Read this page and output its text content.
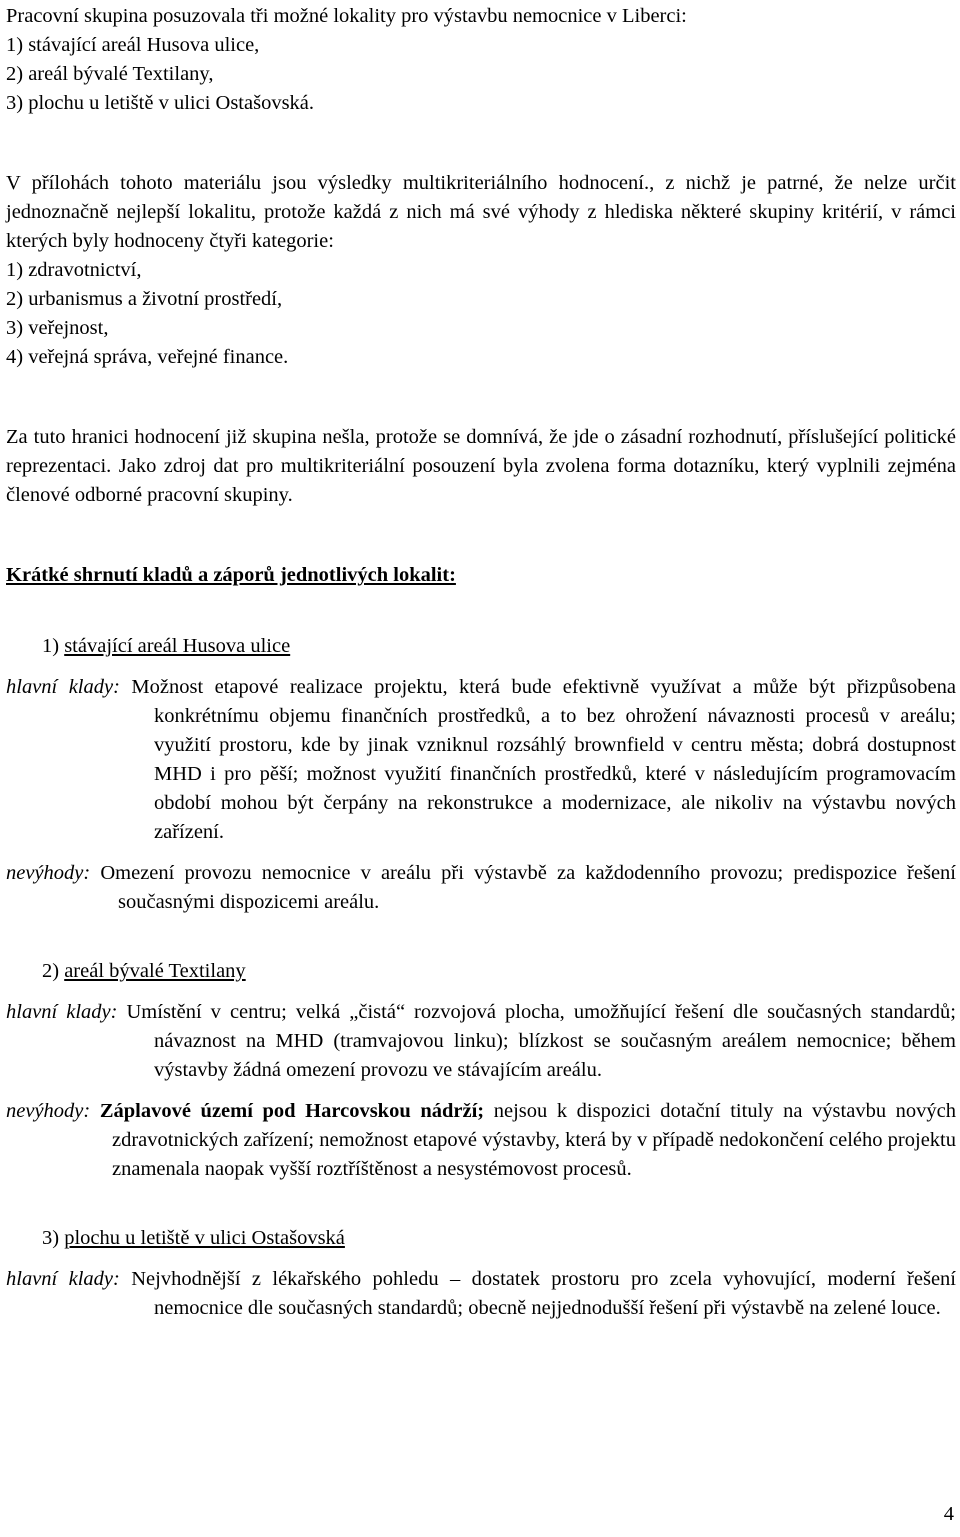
Pracovní skupina posuzovala tři možné lokality pro výstavbu nemocnice v Liberci:

1) stávající areál Husova ulice,

2) areál bývalé Textilany,

3) plochu u letiště v ulici Ostašovská.

V přílohách tohoto materiálu jsou výsledky multikriteriálního hodnocení., z nichž je patrné, že nelze určit jednoznačně nejlepší lokalitu, protože každá z nich má své výhody z hlediska některé skupiny kritérií, v rámci kterých byly hodnoceny čtyři kategorie:

1) zdravotnictví,

2) urbanismus a životní prostředí,

3) veřejnost,

4) veřejná správa, veřejné finance.

Za tuto hranici hodnocení již skupina nešla, protože se domnívá, že jde o zásadní rozhodnutí, příslušející politické reprezentaci. Jako zdroj dat pro multikriteriální posouzení byla zvolena forma dotazníku, který vyplnili zejména členové odborné pracovní skupiny.

Krátké shrnutí kladů a záporů jednotlivých lokalit:

1) stávající areál Husova ulice

hlavní klady: Možnost etapové realizace projektu, která bude efektivně využívat a může být přizpůsobena konkrétnímu objemu finančních prostředků, a to bez ohrožení návaznosti procesů v areálu; využití prostoru, kde by jinak vzniknul rozsáhlý brownfield v centru města; dobrá dostupnost MHD i pro pěší; možnost využití finančních prostředků, které v následujícím programovacím období mohou být čerpány na rekonstrukce a modernizace, ale nikoliv na výstavbu nových zařízení.

nevýhody: Omezení provozu nemocnice v areálu při výstavbě za každodenního provozu; predispozice řešení současnými dispozicemi areálu.

2) areál bývalé Textilany

hlavní klady: Umístění v centru; velká „čistá“ rozvojová plocha, umožňující řešení dle současných standardů; návaznost na MHD (tramvajovou linku); blízkost se současným areálem nemocnice; během výstavby žádná omezení provozu ve stávajícím areálu.

nevýhody: Záplavové území pod Harcovskou nádrží; nejsou k dispozici dotační tituly na výstavbu nových zdravotnických zařízení; nemožnost etapové výstavby, která by v případě nedokončení celého projektu znamenala naopak vyšší roztříštěnost a nesystémovost procesů.

3) plochu u letiště v ulici Ostašovská

hlavní klady: Nejvhodnější z lékařského pohledu – dostatek prostoru pro zcela vyhovující, moderní řešení nemocnice dle současných standardů; obecně nejjednodušší řešení při výstavbě na zelené louce.

4
